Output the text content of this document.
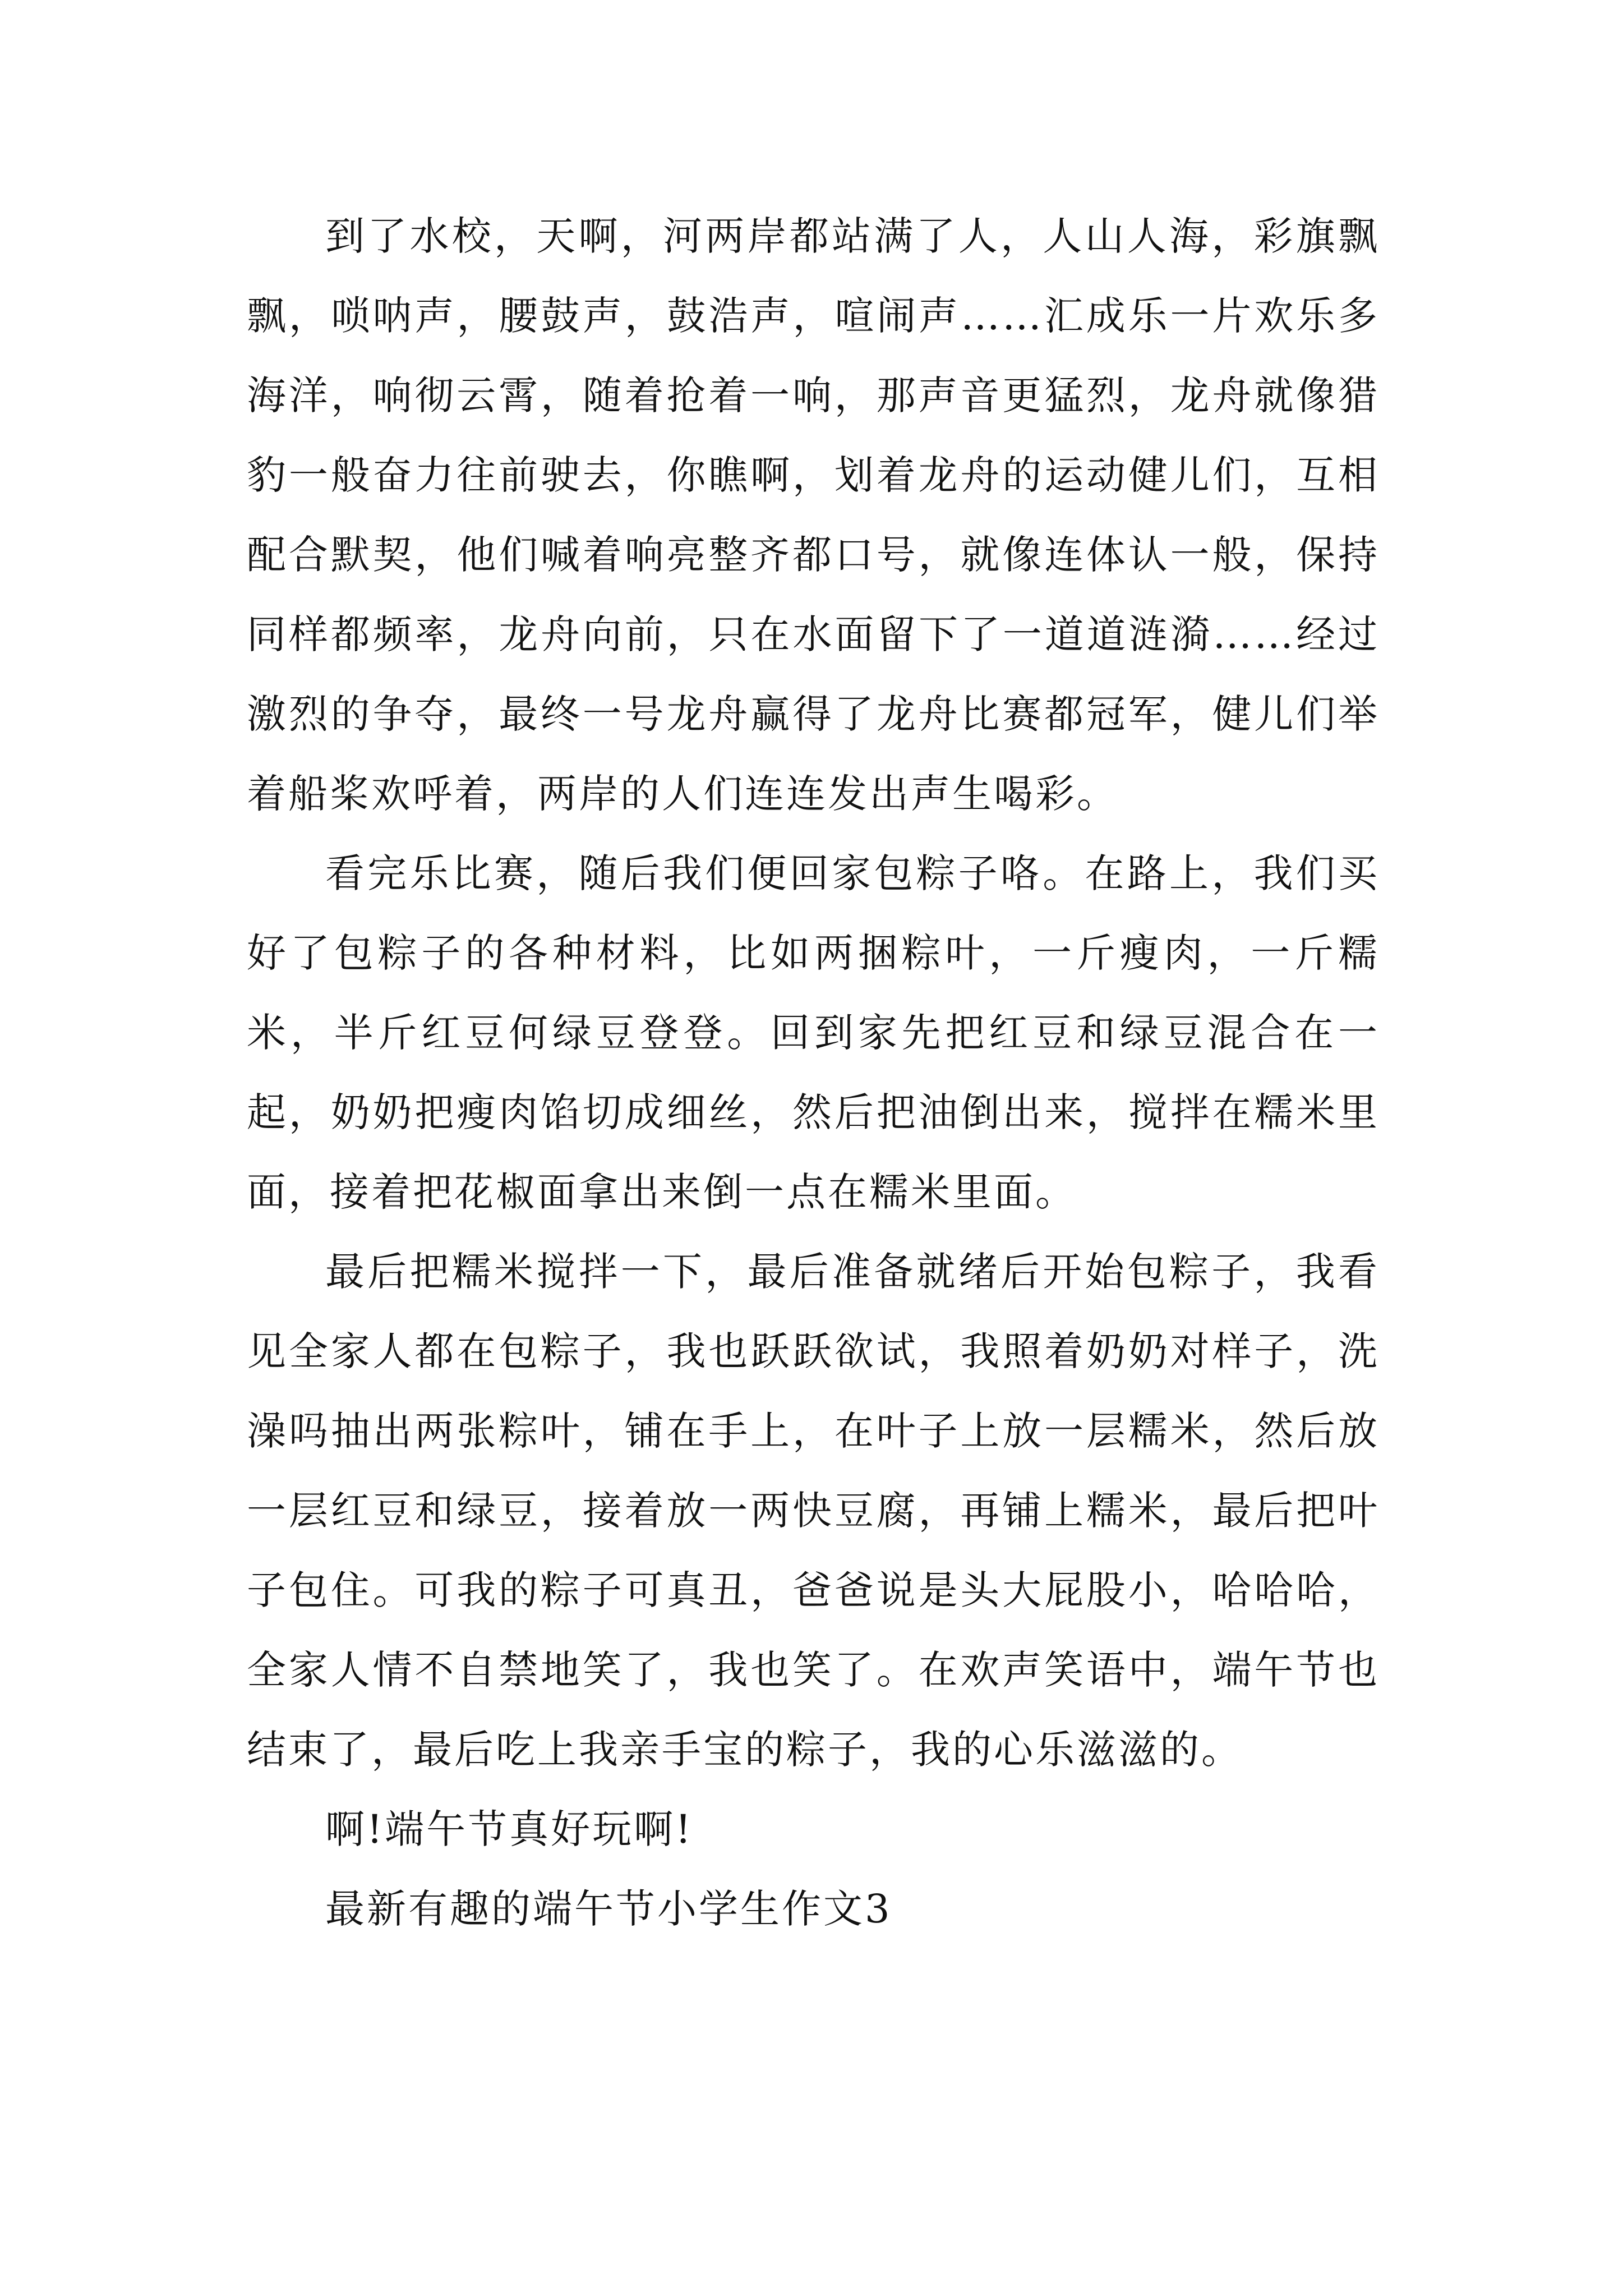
到了水校，天啊，河两岸都站满了人，人山人海，彩旗飘飘，唢呐声，腰鼓声，鼓浩声，喧闹声……汇成乐一片欢乐多海洋，响彻云霄，随着抢着一响，那声音更猛烈，龙舟就像猎豹一般奋力往前驶去，你瞧啊，划着龙舟的运动健儿们，互相配合默契，他们喊着响亮整齐都口号，就像连体认一般，保持同样都频率，龙舟向前，只在水面留下了一道道涟漪……经过激烈的争夺，最终一号龙舟赢得了龙舟比赛都冠军，健儿们举着船桨欢呼着，两岸的人们连连发出声生喝彩。

看完乐比赛，随后我们便回家包粽子咯。在路上，我们买好了包粽子的各种材料，比如两捆粽叶，一斤瘦肉，一斤糯米，半斤红豆何绿豆登登。回到家先把红豆和绿豆混合在一起，奶奶把瘦肉馅切成细丝，然后把油倒出来，搅拌在糯米里面，接着把花椒面拿出来倒一点在糯米里面。

最后把糯米搅拌一下，最后准备就绪后开始包粽子，我看见全家人都在包粽子，我也跃跃欲试，我照着奶奶对样子，洗澡吗抽出两张粽叶，铺在手上，在叶子上放一层糯米，然后放一层红豆和绿豆，接着放一两快豆腐，再铺上糯米，最后把叶子包住。可我的粽子可真丑，爸爸说是头大屁股小，哈哈哈，全家人情不自禁地笑了，我也笑了。在欢声笑语中，端午节也结束了，最后吃上我亲手宝的粽子，我的心乐滋滋的。

啊!端午节真好玩啊!

最新有趣的端午节小学生作文3
